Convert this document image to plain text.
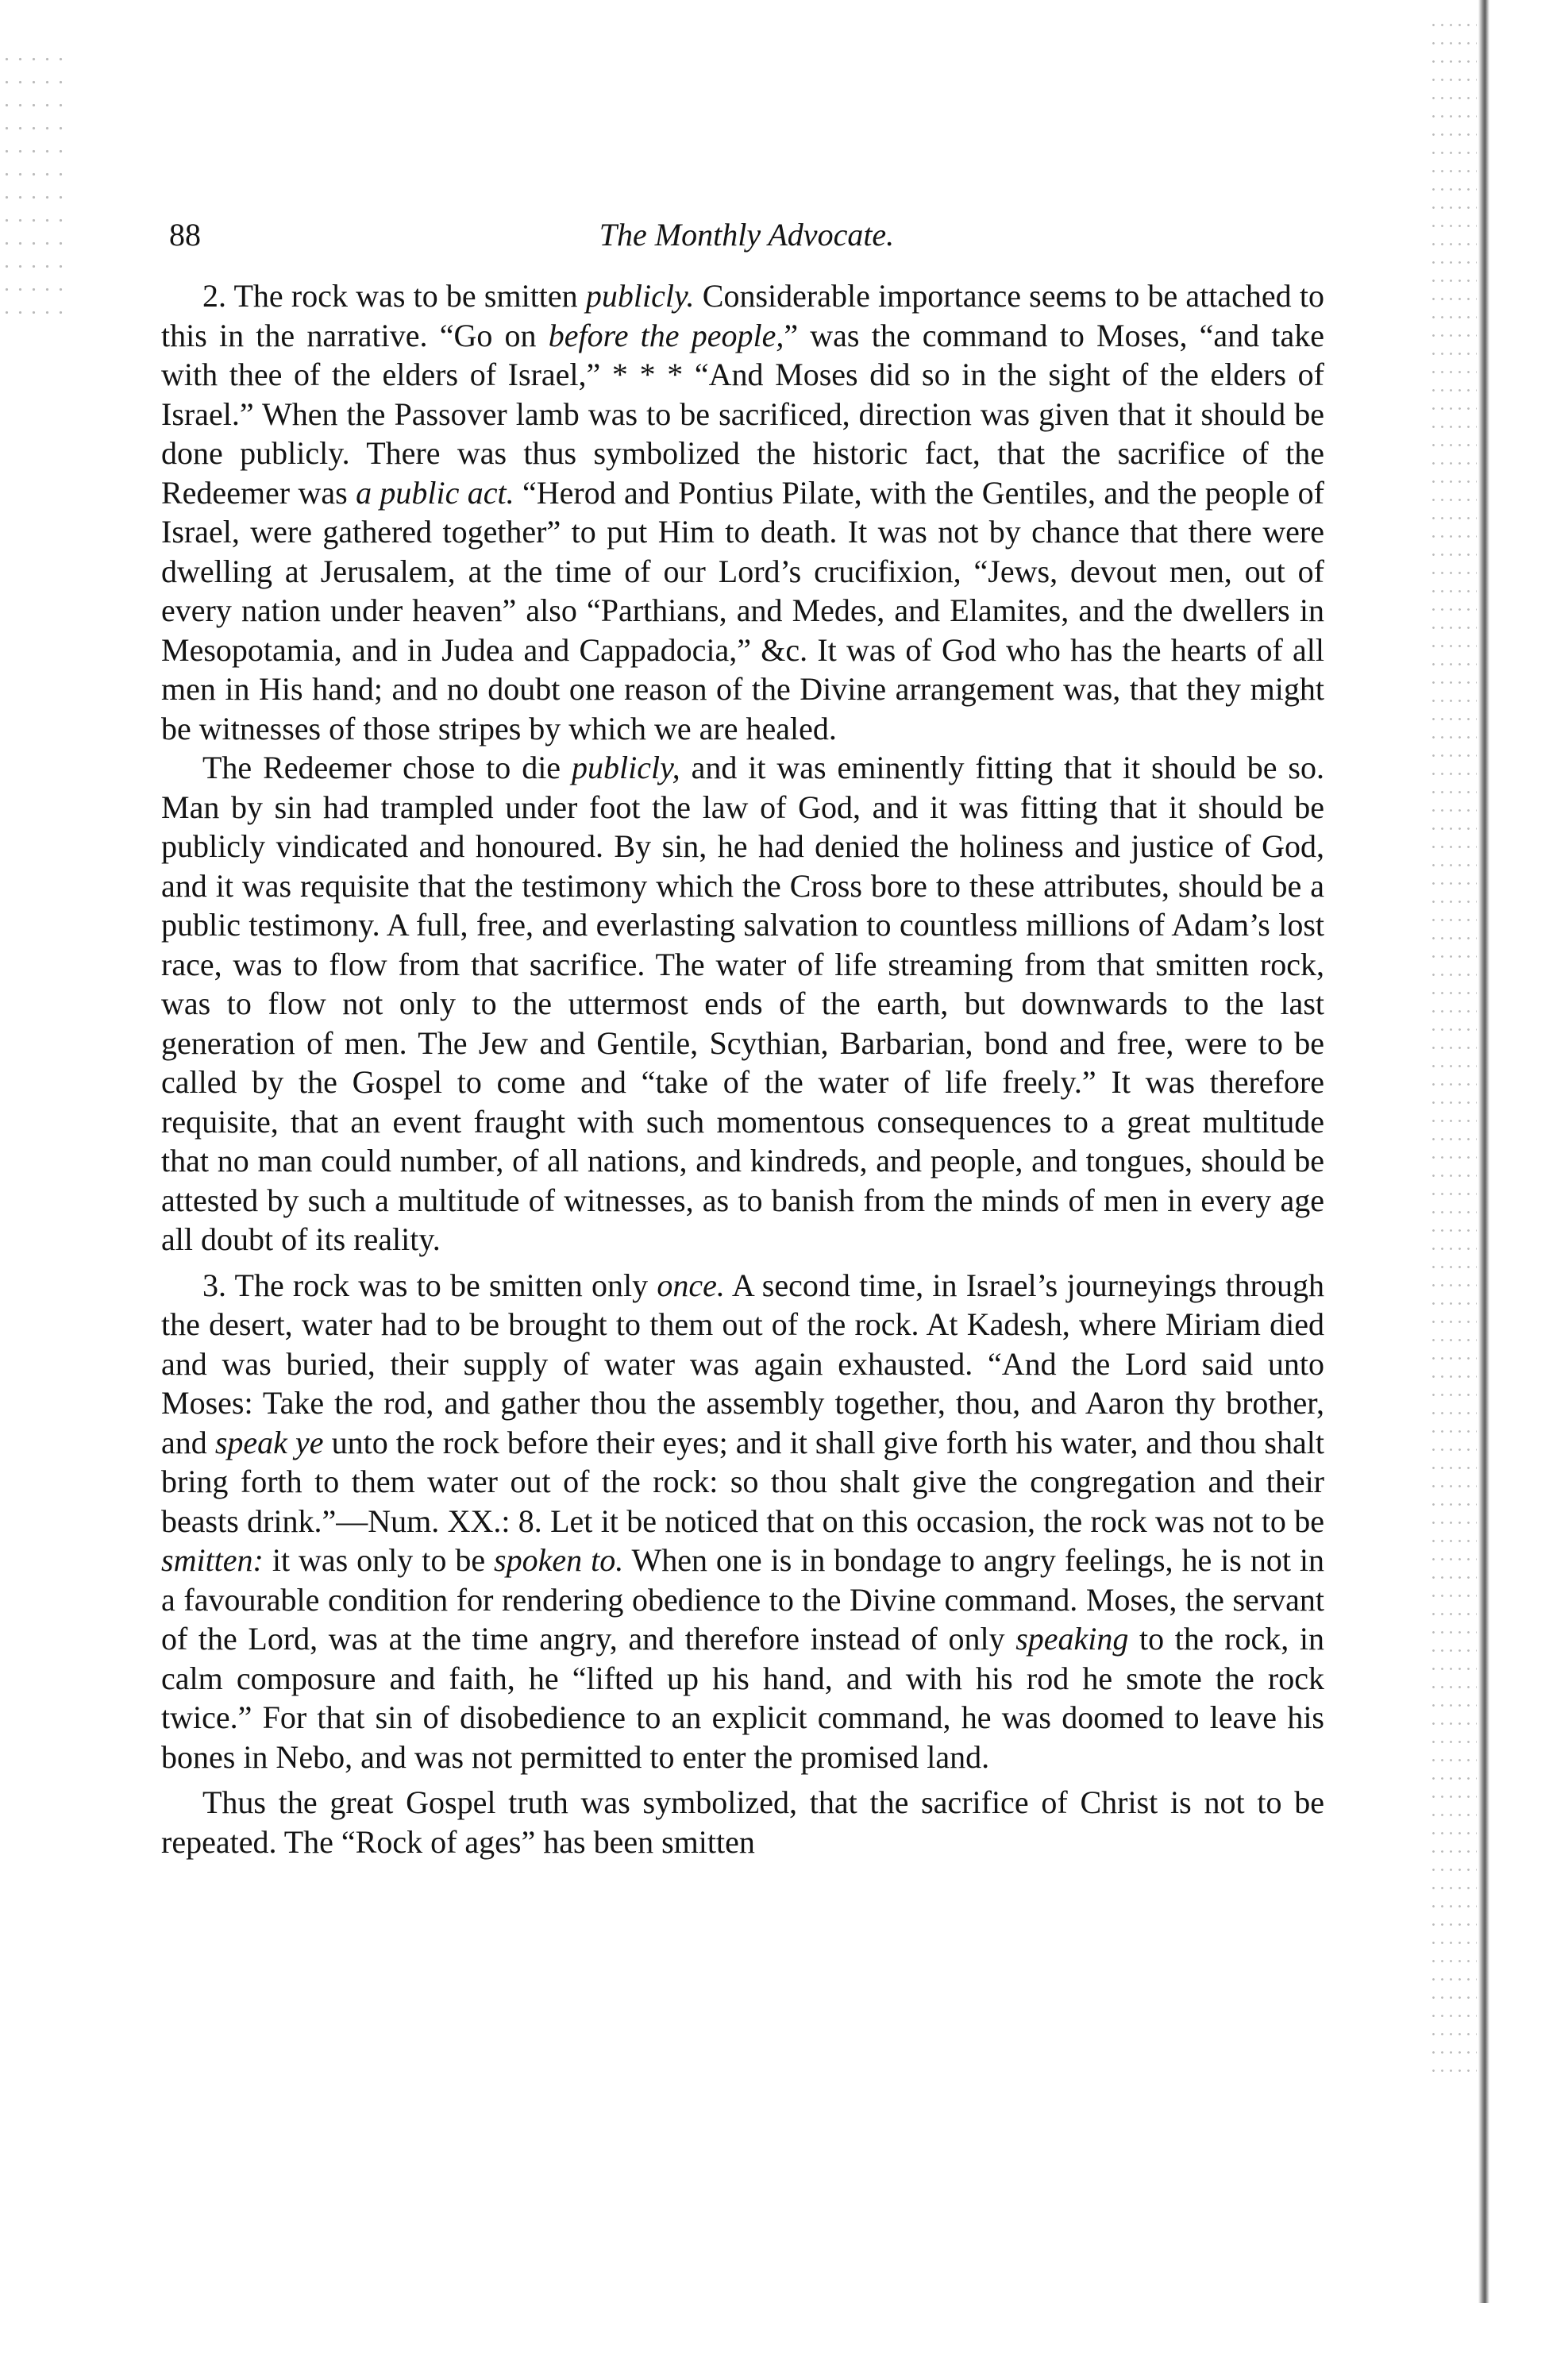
88	The Monthly Advocate.

2. The rock was to be smitten publicly. Considerable importance seems to be attached to this in the narrative. “Go on before the people,” was the command to Moses, “and take with thee of the elders of Israel,” * * * “And Moses did so in the sight of the elders of Israel.” When the Passover lamb was to be sacrificed, direction was given that it should be done publicly. There was thus symbolized the historic fact, that the sacrifice of the Redeemer was a public act. “Herod and Pontius Pilate, with the Gentiles, and the people of Israel, were gathered together” to put Him to death. It was not by chance that there were dwelling at Jerusalem, at the time of our Lord’s crucifixion, “Jews, devout men, out of every nation under heaven” also “Parthians, and Medes, and Elamites, and the dwellers in Mesopotamia, and in Judea and Cappadocia,” &c. It was of God who has the hearts of all men in His hand; and no doubt one reason of the Divine arrangement was, that they might be witnesses of those stripes by which we are healed.

The Redeemer chose to die publicly, and it was eminently fitting that it should be so. Man by sin had trampled under foot the law of God, and it was fitting that it should be publicly vindicated and honoured. By sin, he had denied the holiness and justice of God, and it was requisite that the testimony which the Cross bore to these attributes, should be a public testimony. A full, free, and everlasting salvation to countless millions of Adam’s lost race, was to flow from that sacrifice. The water of life streaming from that smitten rock, was to flow not only to the uttermost ends of the earth, but downwards to the last generation of men. The Jew and Gentile, Scythian, Barbarian, bond and free, were to be called by the Gospel to come and “take of the water of life freely.” It was therefore requisite, that an event fraught with such momentous consequences to a great multitude that no man could number, of all nations, and kindreds, and people, and tongues, should be attested by such a multitude of witnesses, as to banish from the minds of men in every age all doubt of its reality.

3. The rock was to be smitten only once. A second time, in Israel’s journeyings through the desert, water had to be brought to them out of the rock. At Kadesh, where Miriam died and was buried, their supply of water was again exhausted. “And the Lord said unto Moses: Take the rod, and gather thou the assembly together, thou, and Aaron thy brother, and speak ye unto the rock before their eyes; and it shall give forth his water, and thou shalt bring forth to them water out of the rock: so thou shalt give the congregation and their beasts drink.”—Num. XX.: 8. Let it be noticed that on this occasion, the rock was not to be smitten: it was only to be spoken to. When one is in bondage to angry feelings, he is not in a favourable condition for rendering obedience to the Divine command. Moses, the servant of the Lord, was at the time angry, and therefore instead of only speaking to the rock, in calm composure and faith, he “lifted up his hand, and with his rod he smote the rock twice.” For that sin of disobedience to an explicit command, he was doomed to leave his bones in Nebo, and was not permitted to enter the promised land.

Thus the great Gospel truth was symbolized, that the sacrifice of Christ is not to be repeated. The “Rock of ages” has been smitten
